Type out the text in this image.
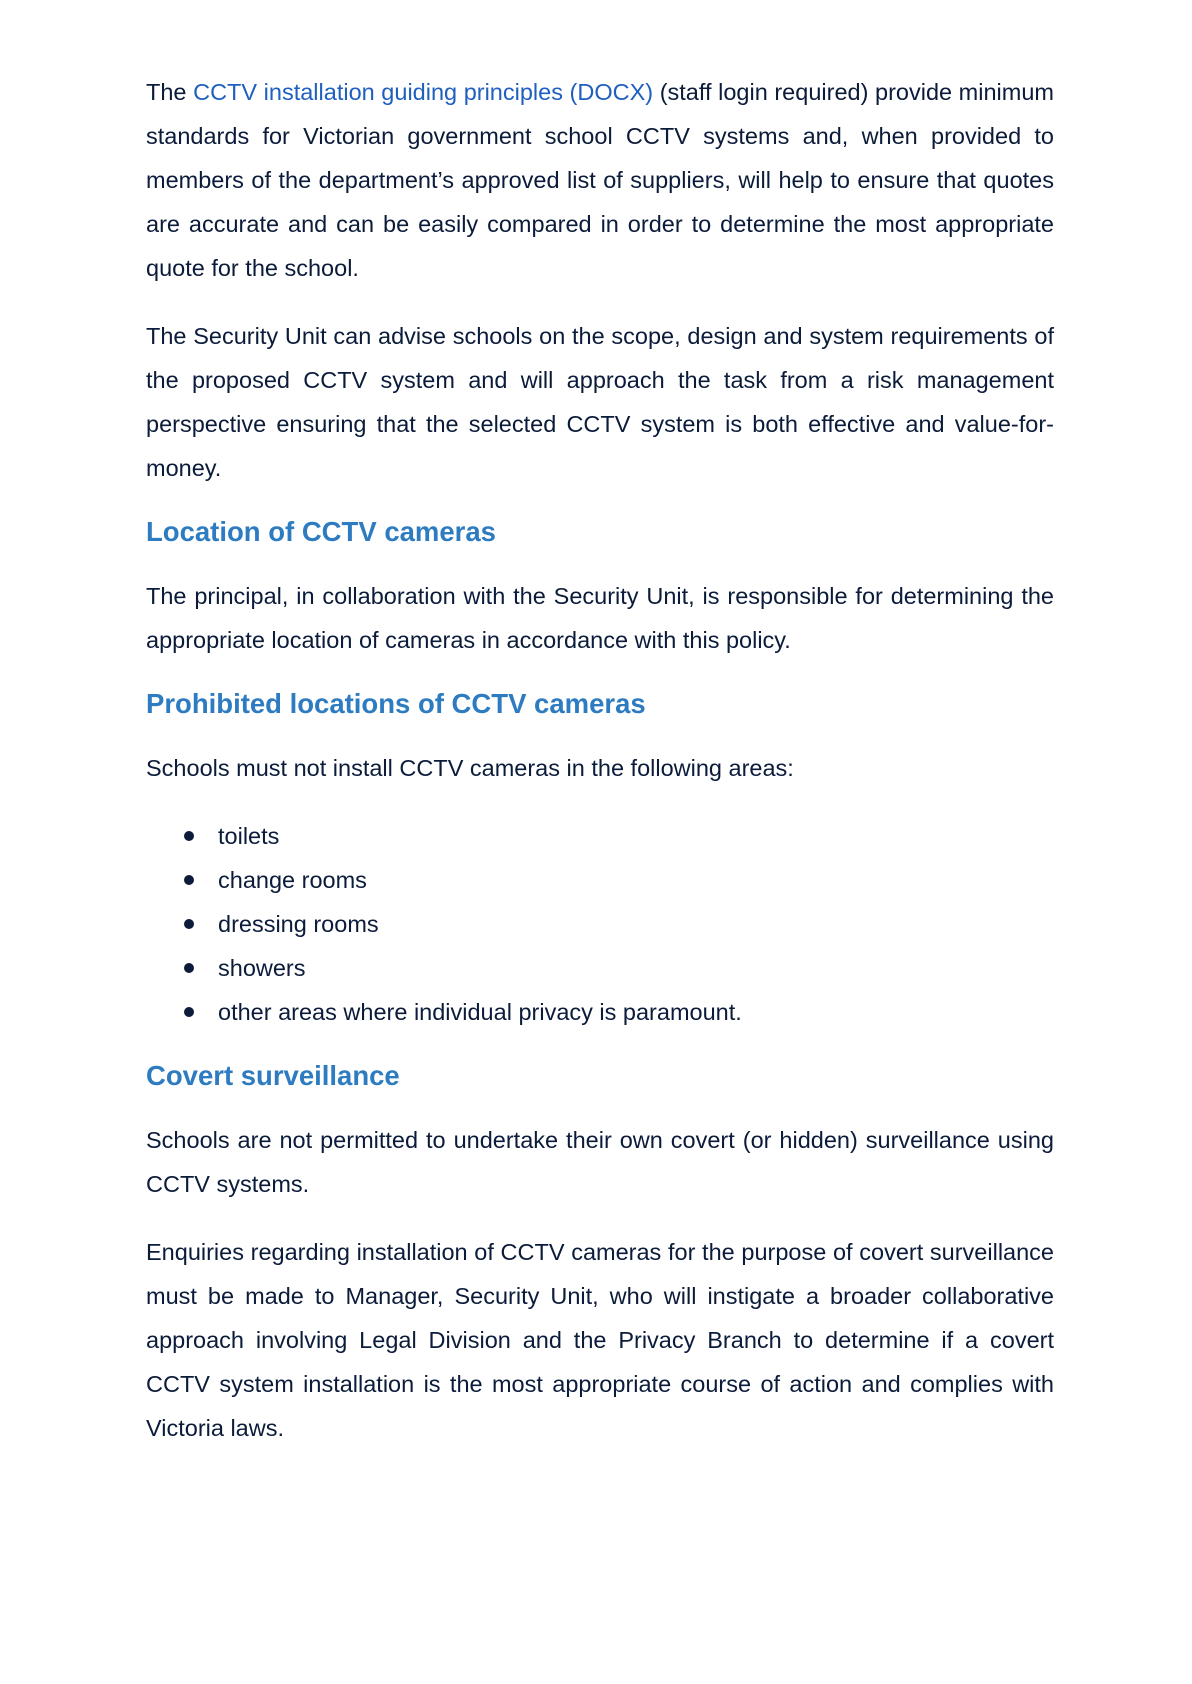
The CCTV installation guiding principles (DOCX) (staff login required) provide minimum standards for Victorian government school CCTV systems and, when provided to members of the department’s approved list of suppliers, will help to ensure that quotes are accurate and can be easily compared in order to determine the most appropriate quote for the school.

The Security Unit can advise schools on the scope, design and system requirements of the proposed CCTV system and will approach the task from a risk management perspective ensuring that the selected CCTV system is both effective and value-for-money.

Location of CCTV cameras

The principal, in collaboration with the Security Unit, is responsible for determining the appropriate location of cameras in accordance with this policy.

Prohibited locations of CCTV cameras

Schools must not install CCTV cameras in the following areas:

toilets
change rooms
dressing rooms
showers
other areas where individual privacy is paramount.
Covert surveillance

Schools are not permitted to undertake their own covert (or hidden) surveillance using CCTV systems.

Enquiries regarding installation of CCTV cameras for the purpose of covert surveillance must be made to Manager, Security Unit, who will instigate a broader collaborative approach involving Legal Division and the Privacy Branch to determine if a covert CCTV system installation is the most appropriate course of action and complies with Victoria laws.
